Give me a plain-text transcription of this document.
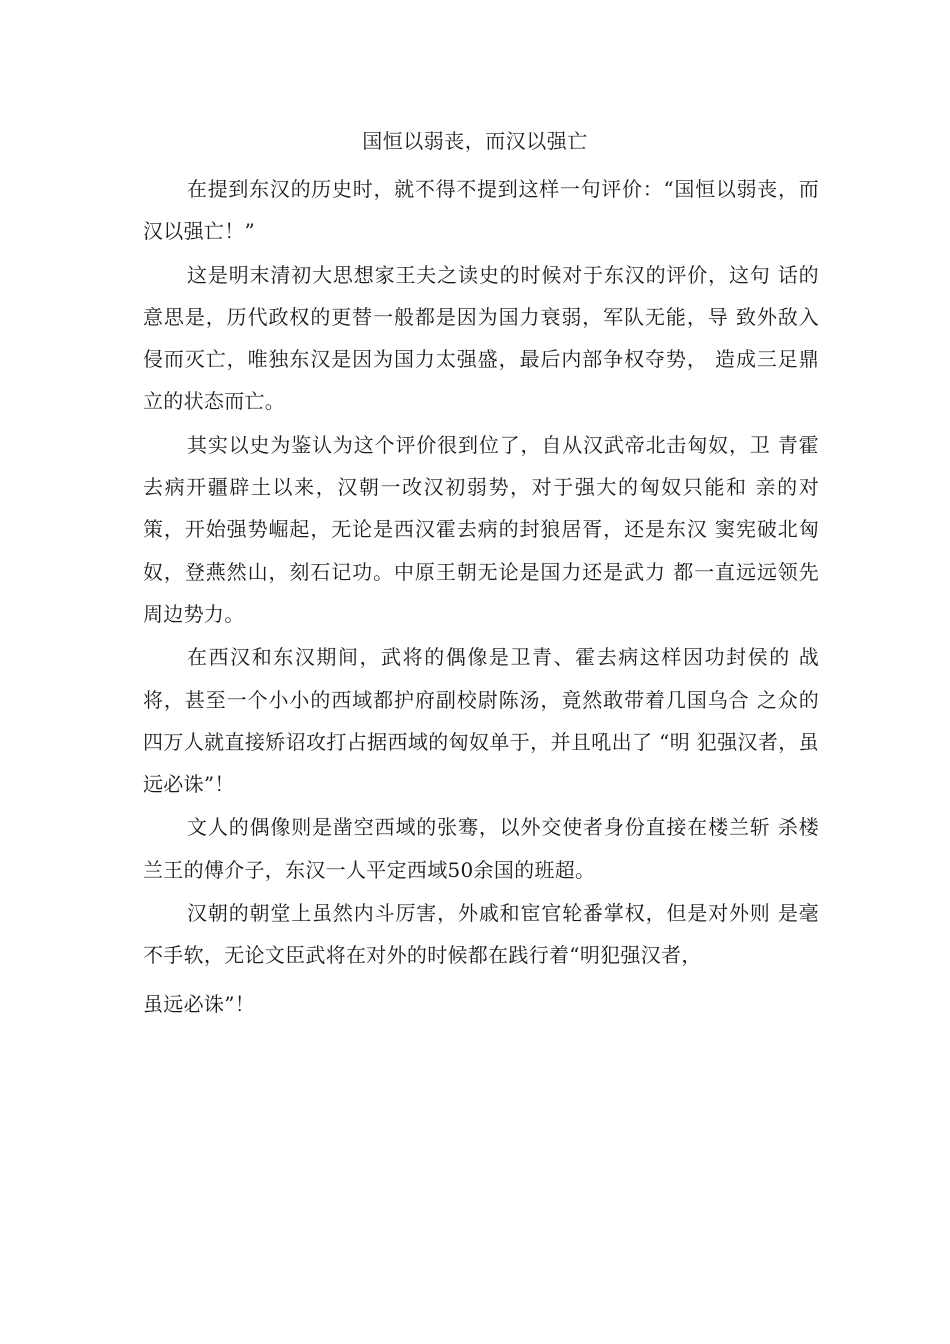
国恒以弱丧，而汉以强亡

在提到东汉的历史时，就不得不提到这样一句评价：“国恒以弱丧，而汉以强亡！”

这是明末清初大思想家王夫之读史的时候对于东汉的评价，这句 话的意思是，历代政权的更替一般都是因为国力衰弱，军队无能，导 致外敌入侵而灭亡，唯独东汉是因为国力太强盛，最后内部争权夺势， 造成三足鼎立的状态而亡。

其实以史为鉴认为这个评价很到位了，自从汉武帝北击匈奴，卫 青霍去病开疆辟土以来，汉朝一改汉初弱势，对于强大的匈奴只能和 亲的对策，开始强势崛起，无论是西汉霍去病的封狼居胥，还是东汉 窦宪破北匈奴，登燕然山，刻石记功。中原王朝无论是国力还是武力 都一直远远领先周边势力。

在西汉和东汉期间，武将的偶像是卫青、霍去病这样因功封侯的 战将，甚至一个小小的西域都护府副校尉陈汤，竟然敢带着几国乌合 之众的四万人就直接矫诏攻打占据西域的匈奴单于，并且吼出了 “明 犯强汉者，虽远必诛”！

文人的偶像则是凿空西域的张骞，以外交使者身份直接在楼兰斩 杀楼兰王的傅介子，东汉一人平定西域50余国的班超。

汉朝的朝堂上虽然内斗厉害，外戚和宦官轮番掌权，但是对外则 是毫不手软，无论文臣武将在对外的时候都在践行着“明犯强汉者，

虽远必诛”！
